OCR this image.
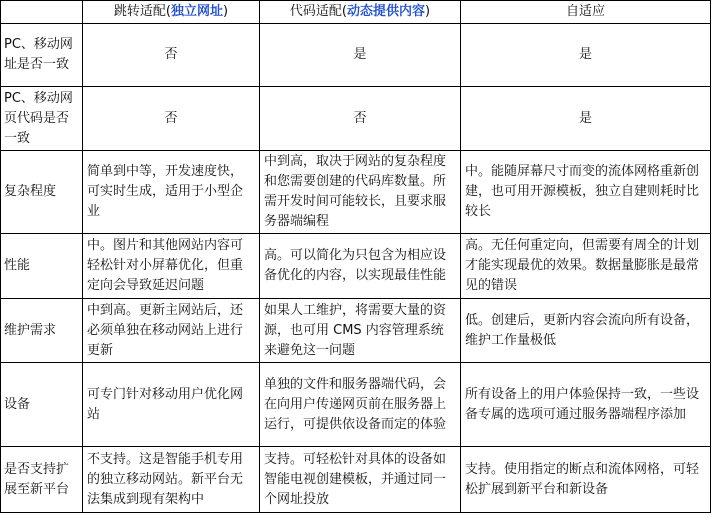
	跳转适配(独立网址)	代码适配(动态提供内容)	自适应
PC、移动网址是否一致	否	是	是
PC、移动网页代码是否一致	否	否	是
复杂程度	简单到中等，开发速度快，可实时生成，适用于小型企业	中到高，取决于网站的复杂程度和您需要创建的代码库数量。所需开发时间可能较长，且要求服务器端编程	中。能随屏幕尺寸而变的流体网格重新创建，也可用开源模板，独立自建则耗时比较长
性能	中。图片和其他网站内容可轻松针对小屏幕优化，但重定向会导致延迟问题	高。可以简化为只包含为相应设备优化的内容，以实现最佳性能	高。无任何重定向，但需要有周全的计划才能实现最优的效果。数据量膨胀是最常见的错误
维护需求	中到高。更新主网站后，还必须单独在移动网站上进行更新	如果人工维护，将需要大量的资源，也可用 CMS 内容管理系统来避免这一问题	低。创建后，更新内容会流向所有设备，维护工作量极低
设备	可专门针对移动用户优化网站	单独的文件和服务器端代码，会在向用户传递网页前在服务器上运行，可提供依设备而定的体验	所有设备上的用户体验保持一致，一些设备专属的选项可通过服务器端程序添加
是否支持扩展至新平台	不支持。这是智能手机专用的独立移动网站。新平台无法集成到现有架构中	支持。可轻松针对具体的设备如智能电视创建模板，并通过同一个网址投放	支持。使用指定的断点和流体网格，可轻松扩展到新平台和新设备
